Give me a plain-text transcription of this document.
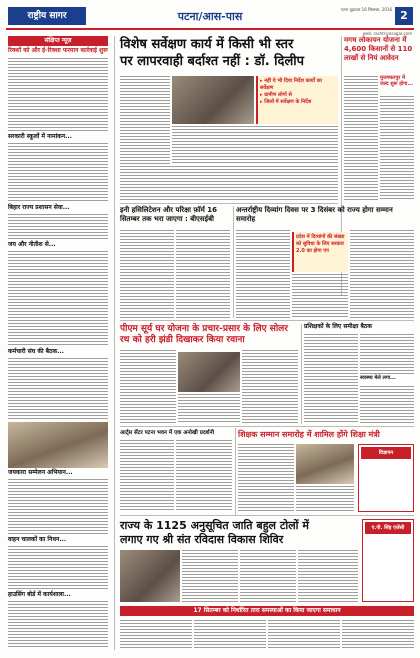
राष्ट्रीय सागर	पटना/आस-पास
पटना शुक्रवार 16 सितम्बर, 2016 2
web: rashtriyasagar.com
संक्षिप्त न्यूज़
रिक्शों को और ई-रिक्शा फरमान कार्रवाई शुरू
सरकारी स्कूलों में नामांकन...
बिहार राज्य प्रशासन सेवा...
जय और नीतीश से...
कर्मचारी संघ की बैठक...
जयकारा सम्मेलन अभियान...
वाहन चालकों का निधन...
हाउसिंग बोर्ड में कार्यशाला...
विशेष सर्वेक्षण कार्य में किसी भी स्तर
पर लापरवाही बर्दाश्त नहीं : डॉ. दिलीप
▸ नहीं ये भी दिया निर्देश कार्यों का सर्वेक्षण
▸ ग्रामीण लोगों से
▸ जिलों में सर्वेक्षण के निर्देश
मगध लोकायन योजना में 4,600 किसानों से 110 लाखों से नियं आवेदन
मुजफ्फरपुर में जल्द शुरू होगा...
इनी हसिलिटेशन और परिक्षा फ़ॉर्म 16 सितम्बर तक भरा जाएगा : बीएसईबी
अन्तर्राष्ट्रीय दिव्यांग दिवस पर 3 दिसंबर को राज्य होगा सम्मान समारोह
प्रदेश में दिव्यांगों की संख्या को सुविधा के लिए सरकार 2.0 का होगा एप
पीएम सूर्य घर योजना के प्रचार-प्रसार के लिए सोलर रथ को हरी झंडी दिखाकर किया रवाना
प्रशिक्षकों के लिए समीक्षा बैठक
स्वास्थ्य मेले लगा...
आर्ट्स सेंटर पटना भवन में एक अनोखी प्रदर्शनी	शिक्षक सम्मान समारोह में शामिल होंगे शिक्षा मंत्री
विज्ञापन
राज्य के 1125 अनुसूचित जाति बहुल टोलों में
लगाए गए श्री संत रविदास विकास शिविर
17 सितम्बर को निर्धारित तारा समस्याओं का किया जाएगा समाधान
ए.पी. सिंह एजेंसी
